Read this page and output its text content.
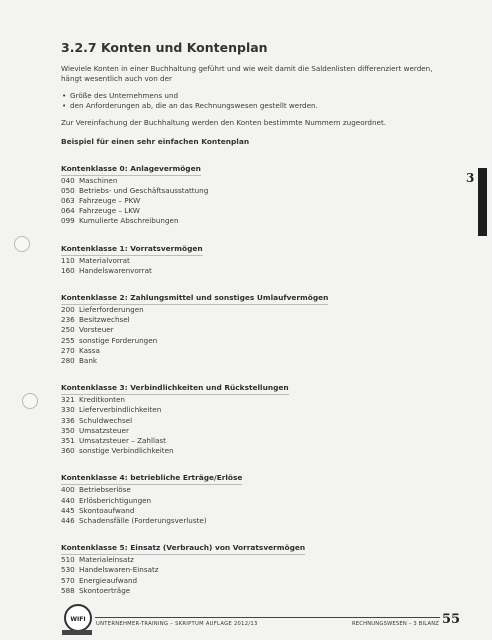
3.2.7 Konten und Kontenplan

Wieviele Konten in einer Buchhaltung geführt und wie weit damit die Saldenlisten differenziert werden, hängt wesentlich auch von der

• Größe des Unternehmens und
• den Anforderungen ab, die an das Rechnungswesen gestellt werden.

Zur Vereinfachung der Buchhaltung werden den Konten bestimmte Nummern zugeordnet.

Beispiel für einen sehr einfachen Kontenplan
Kontenklasse 0: Anlagevermögen
040 Maschinen
050 Betriebs- und Geschäftsausstattung
063 Fahrzeuge – PKW
064 Fahrzeuge – LKW
099 Kumulierte Abschreibungen
Kontenklasse 1: Vorratsvermögen
110 Materialvorrat
160 Handelswarenvorrat
Kontenklasse 2: Zahlungsmittel und sonstiges Umlaufvermögen
200 Lieferforderungen
236 Besitzwechsel
250 Vorsteuer
255 sonstige Forderungen
270 Kassa
280 Bank
Kontenklasse 3: Verbindlichkeiten und Rückstellungen
321 Kreditkonten
330 Lieferverbindlichkeiten
336 Schuldwechsel
350 Umsatzsteuer
351 Umsatzsteuer – Zahllast
360 sonstige Verbindlichkeiten
Kontenklasse 4: betriebliche Erträge/Erlöse
400 Betriebserlöse
440 Erlösberichtigungen
445 Skontoaufwand
446 Schadensfälle (Forderungsverluste)
Kontenklasse 5: Einsatz (Verbrauch) von Vorratsvermögen
510 Materialeinsatz
530 Handelswaren-Einsatz
570 Energieaufwand
588 Skontoerträge
3
WIFI
UNTERNEHMER-TRAINING – SKRIPTUM AUFLAGE 2012/13	RECHNUNGSWESEN – 3 BILANZ 55
